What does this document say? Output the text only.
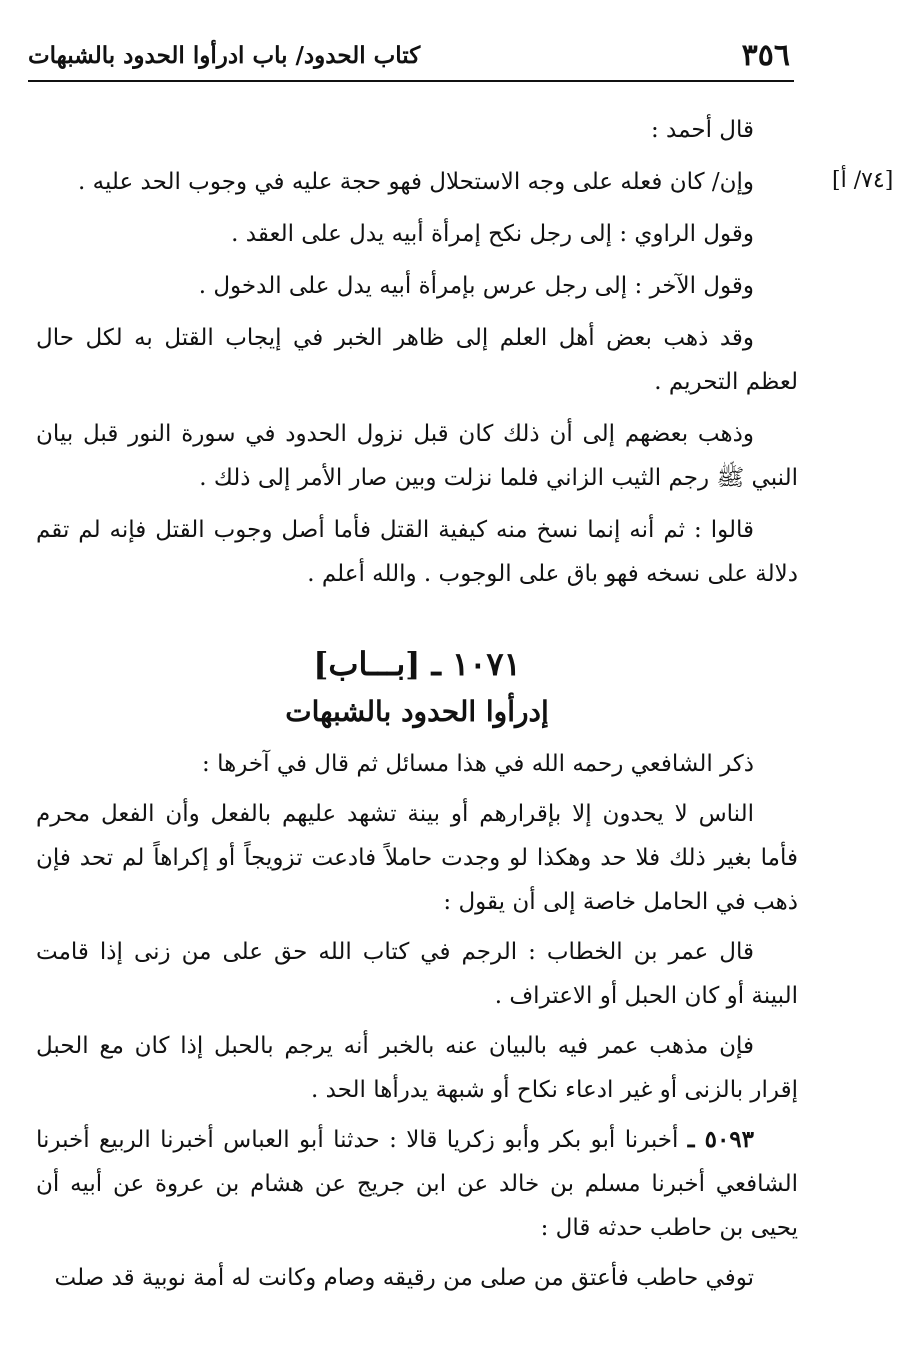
٣٥٦
كتاب الحدود/ باب ادرأوا الحدود بالشبهات
[٧٤/ أ]

قال أحمد :

وإن/ كان فعله على وجه الاستحلال فهو حجة عليه في وجوب الحد عليه .

وقول الراوي : إلى رجل نكح إمرأة أبيه يدل على العقد .

وقول الآخر : إلى رجل عرس بإمرأة أبيه يدل على الدخول .

وقد ذهب بعض أهل العلم إلى ظاهر الخبر في إيجاب القتل به لكل حال لعظم التحريم .

وذهب بعضهم إلى أن ذلك كان قبل نزول الحدود في سورة النور قبل بيان النبي ﷺ رجم الثيب الزاني فلما نزلت وبين صار الأمر إلى ذلك .

قالوا : ثم أنه إنما نسخ منه كيفية القتل فأما أصل وجوب القتل فإنه لم تقم دلالة على نسخه فهو باق على الوجوب . والله أعلم .

١٠٧١ ـ [بـــاب]
إدرأوا الحدود بالشبهات

ذكر الشافعي رحمه الله في هذا مسائل ثم قال في آخرها :

الناس لا يحدون إلا بإقرارهم أو بينة تشهد عليهم بالفعل وأن الفعل محرم فأما بغير ذلك فلا حد وهكذا لو وجدت حاملاً فادعت تزويجاً أو إكراهاً لم تحد فإن ذهب في الحامل خاصة إلى أن يقول :

قال عمر بن الخطاب : الرجم في كتاب الله حق على من زنى إذا قامت البينة أو كان الحبل أو الاعتراف .

فإن مذهب عمر فيه بالبيان عنه بالخبر أنه يرجم بالحبل إذا كان مع الحبل إقرار بالزنى أو غير ادعاء نكاح أو شبهة يدرأها الحد .

٥٠٩٣ ـ أخبرنا أبو بكر وأبو زكريا قالا : حدثنا أبو العباس أخبرنا الربيع أخبرنا الشافعي أخبرنا مسلم بن خالد عن ابن جريج عن هشام بن عروة عن أبيه أن يحيى بن حاطب حدثه قال :

توفي حاطب فأعتق من صلى من رقيقه وصام وكانت له أمة نوبية قد صلت
